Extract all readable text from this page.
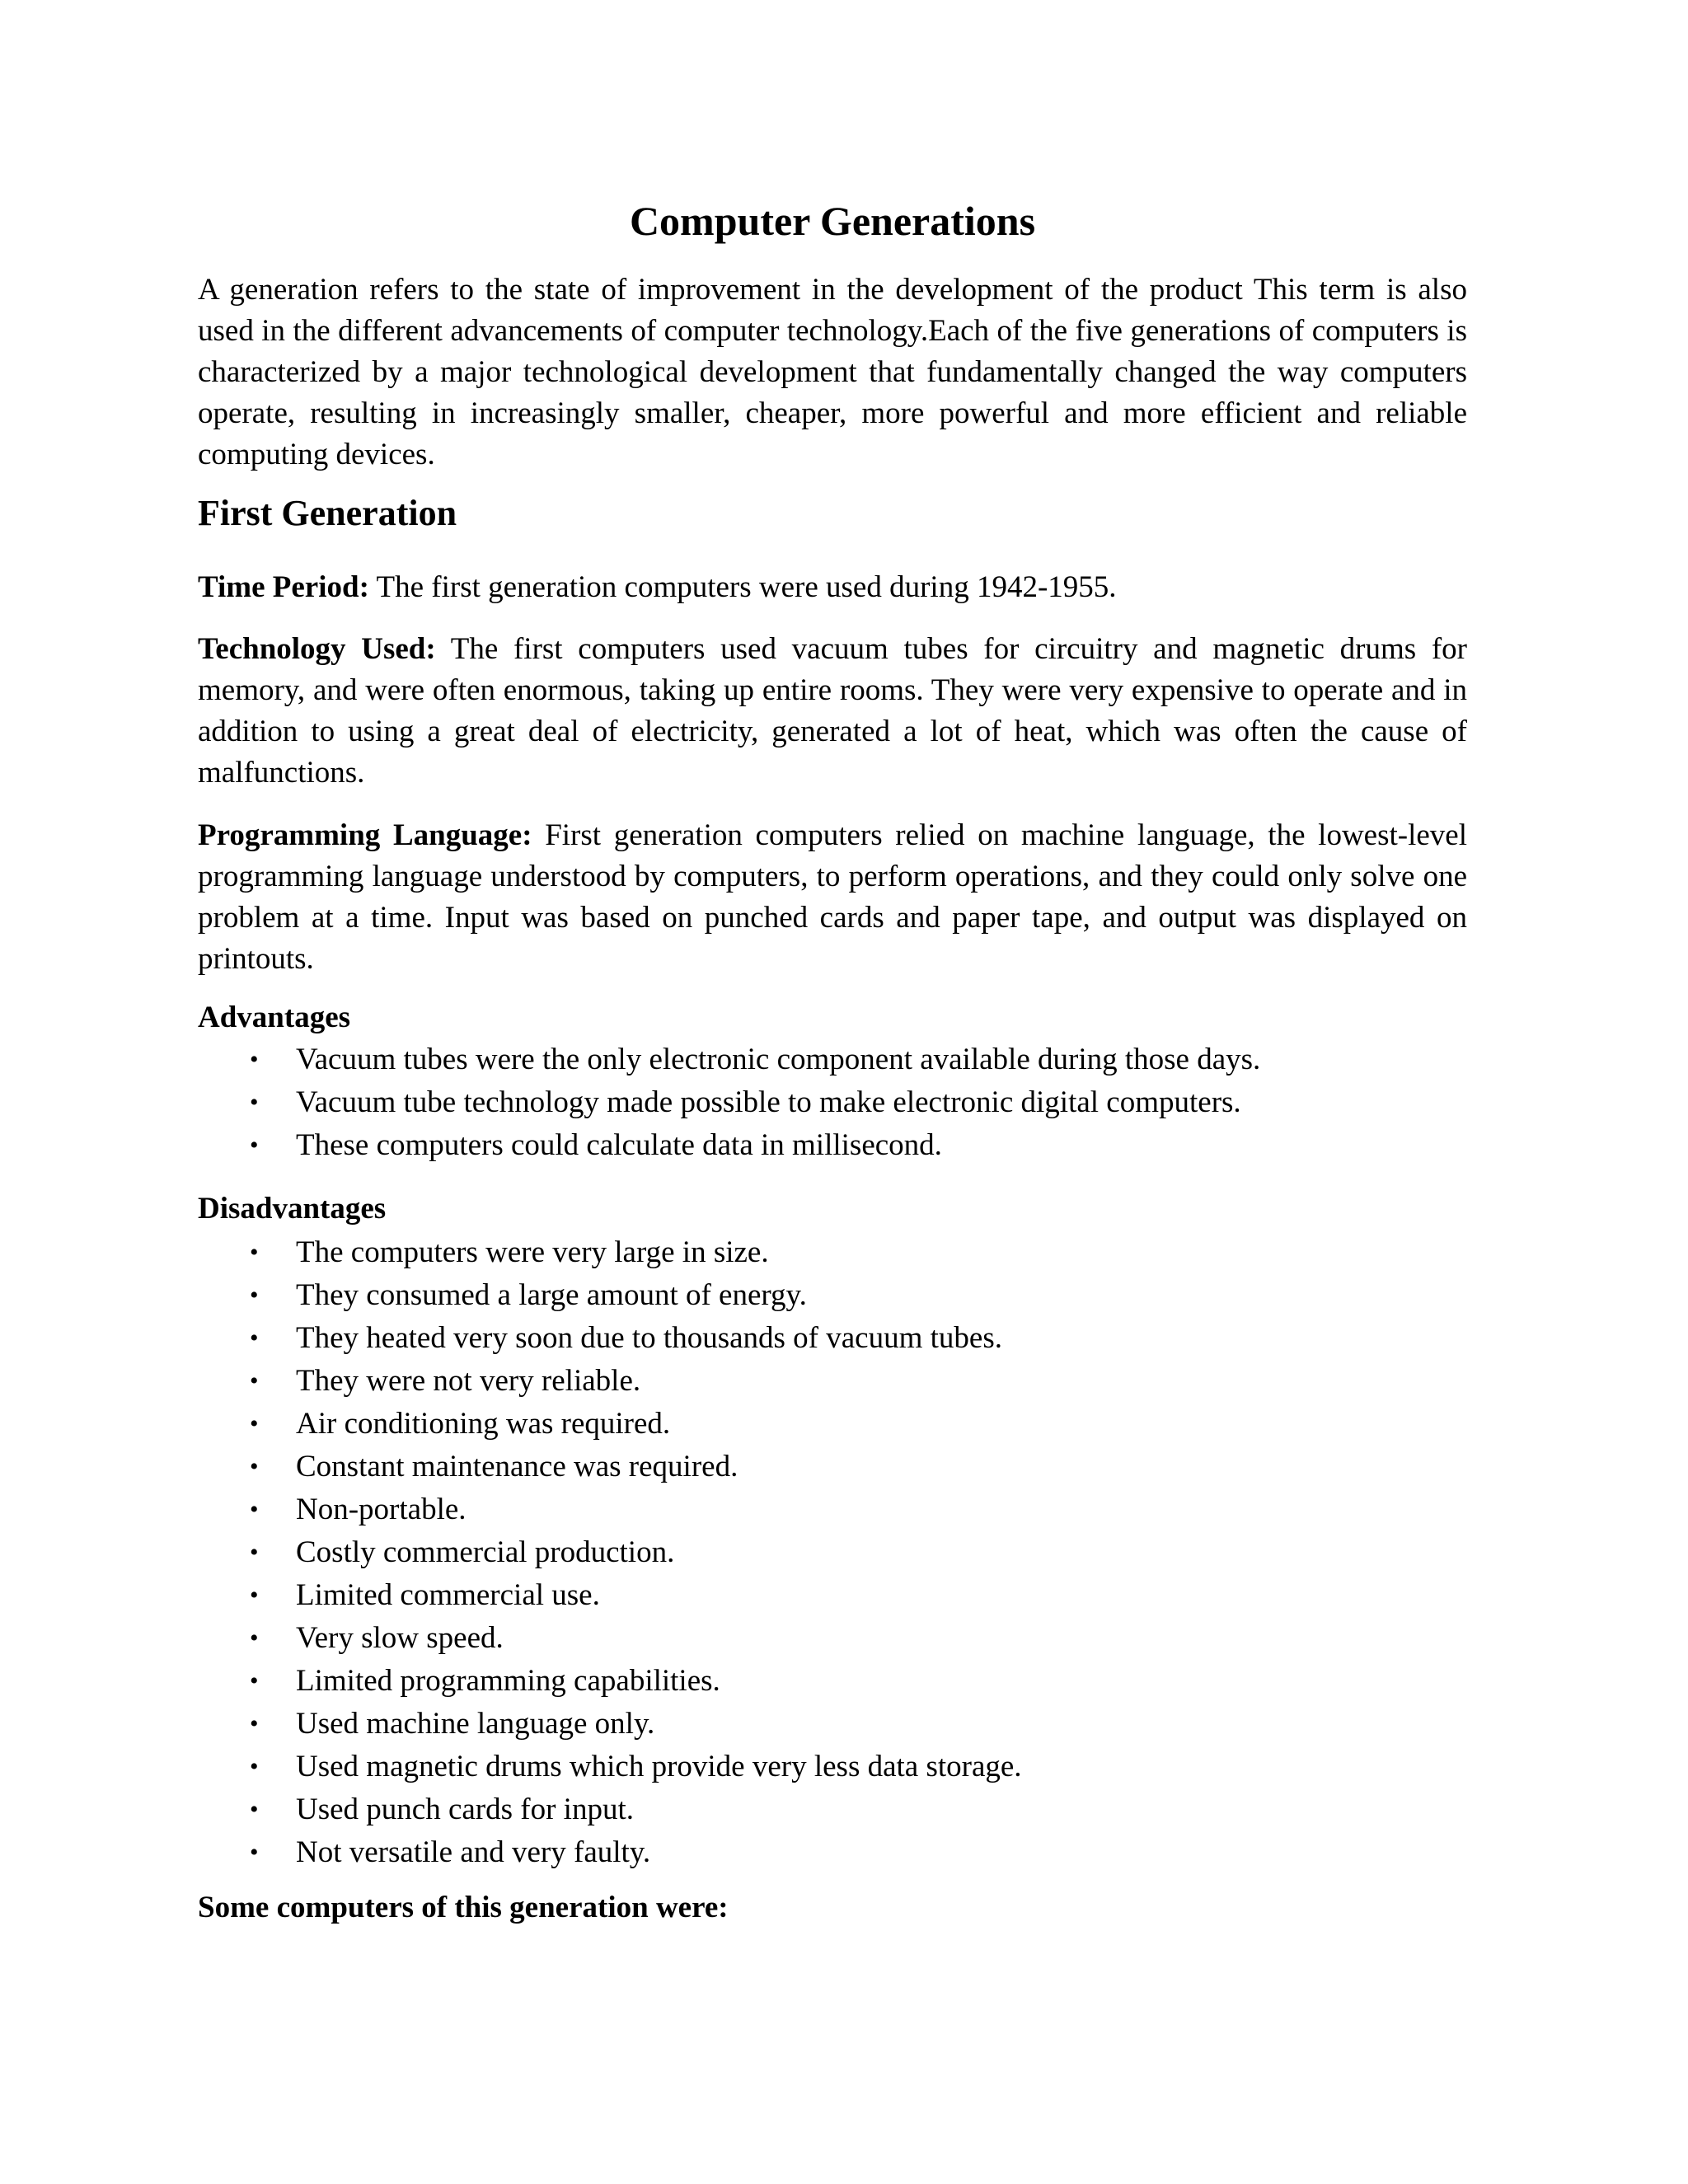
Computer Generations

A generation refers to the state of improvement in the development of the product This term is also used in the different advancements of computer technology.Each of the five generations of computers is characterized by a major technological development that fundamentally changed the way computers operate, resulting in increasingly smaller, cheaper, more powerful and more efficient and reliable computing devices.

First Generation

Time Period: The first generation computers were used during 1942-1955.

Technology Used: The first computers used vacuum tubes for circuitry and magnetic drums for memory, and were often enormous, taking up entire rooms. They were very expensive to operate and in addition to using a great deal of electricity, generated a lot of heat, which was often the cause of malfunctions.

Programming Language: First generation computers relied on machine language, the lowest-level programming language understood by computers, to perform operations, and they could only solve one problem at a time. Input was based on punched cards and paper tape, and output was displayed on printouts.

Advantages
• Vacuum tubes were the only electronic component available during those days.
• Vacuum tube technology made possible to make electronic digital computers.
• These computers could calculate data in millisecond.
Disadvantages
• The computers were very large in size.
• They consumed a large amount of energy.
• They heated very soon due to thousands of vacuum tubes.
• They were not very reliable.
• Air conditioning was required.
• Constant maintenance was required.
• Non-portable.
• Costly commercial production.
• Limited commercial use.
• Very slow speed.
• Limited programming capabilities.
• Used machine language only.
• Used magnetic drums which provide very less data storage.
• Used punch cards for input.
• Not versatile and very faulty.

Some computers of this generation were:
